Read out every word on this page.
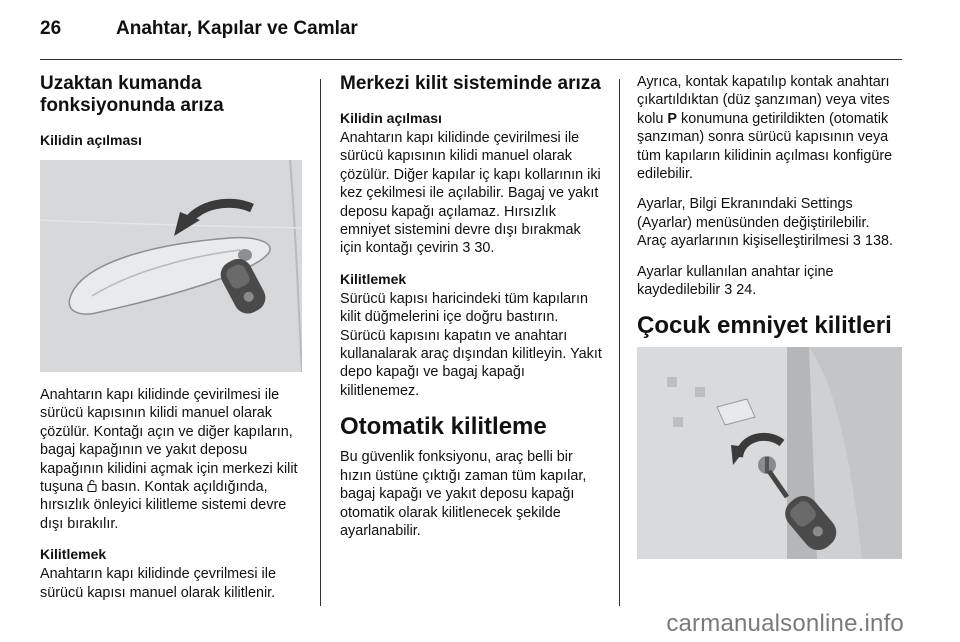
26	Anahtar, Kapılar ve Camlar
Uzaktan kumanda fonksiyonunda arıza
Kilidin açılması

Anahtarın kapı kilidinde çevirilmesi ile sürücü kapısının kilidi manuel olarak çözülür. Kontağı açın ve diğer kapıların, bagaj kapağının ve yakıt deposu kapağının kilidini açmak için merkezi kilit tuşuna basın. Kontak açıldığında, hırsızlık önleyici kilitleme sistemi devre dışı bırakılır.

Kilitlemek

Anahtarın kapı kilidinde çevrilmesi ile sürücü kapısı manuel olarak kilitlenir.

Merkezi kilit sisteminde arıza
Kilidin açılması

Anahtarın kapı kilidinde çevirilmesi ile sürücü kapısının kilidi manuel olarak çözülür. Diğer kapılar iç kapı kollarının iki kez çekilmesi ile açılabilir. Bagaj ve yakıt deposu kapağı açılamaz. Hırsızlık emniyet sistemini devre dışı bırakmak için kontağı çevirin 3 30.

Kilitlemek

Sürücü kapısı haricindeki tüm kapıların kilit düğmelerini içe doğru bastırın. Sürücü kapısını kapatın ve anahtarı kullanalarak araç dışından kilitleyin. Yakıt depo kapağı ve bagaj kapağı kilitlenemez.

Otomatik kilitleme

Bu güvenlik fonksiyonu, araç belli bir hızın üstüne çıktığı zaman tüm kapılar, bagaj kapağı ve yakıt deposu kapağı otomatik olarak kilitlenecek şekilde ayarlanabilir.

Ayrıca, kontak kapatılıp kontak anahtarı çıkartıldıktan (düz şanzıman) veya vites kolu P konumuna getirildikten (otomatik şanzıman) sonra sürücü kapısının veya tüm kapıların kilidinin açılması konfigüre edilebilir.

Ayarlar, Bilgi Ekranındaki Settings (Ayarlar) menüsünden değiştirilebilir. Araç ayarlarının kişiselleştirilmesi 3 138.

Ayarlar kullanılan anahtar içine kaydedilebilir 3 24.

Çocuk emniyet kilitleri
carmanualsonline.info
